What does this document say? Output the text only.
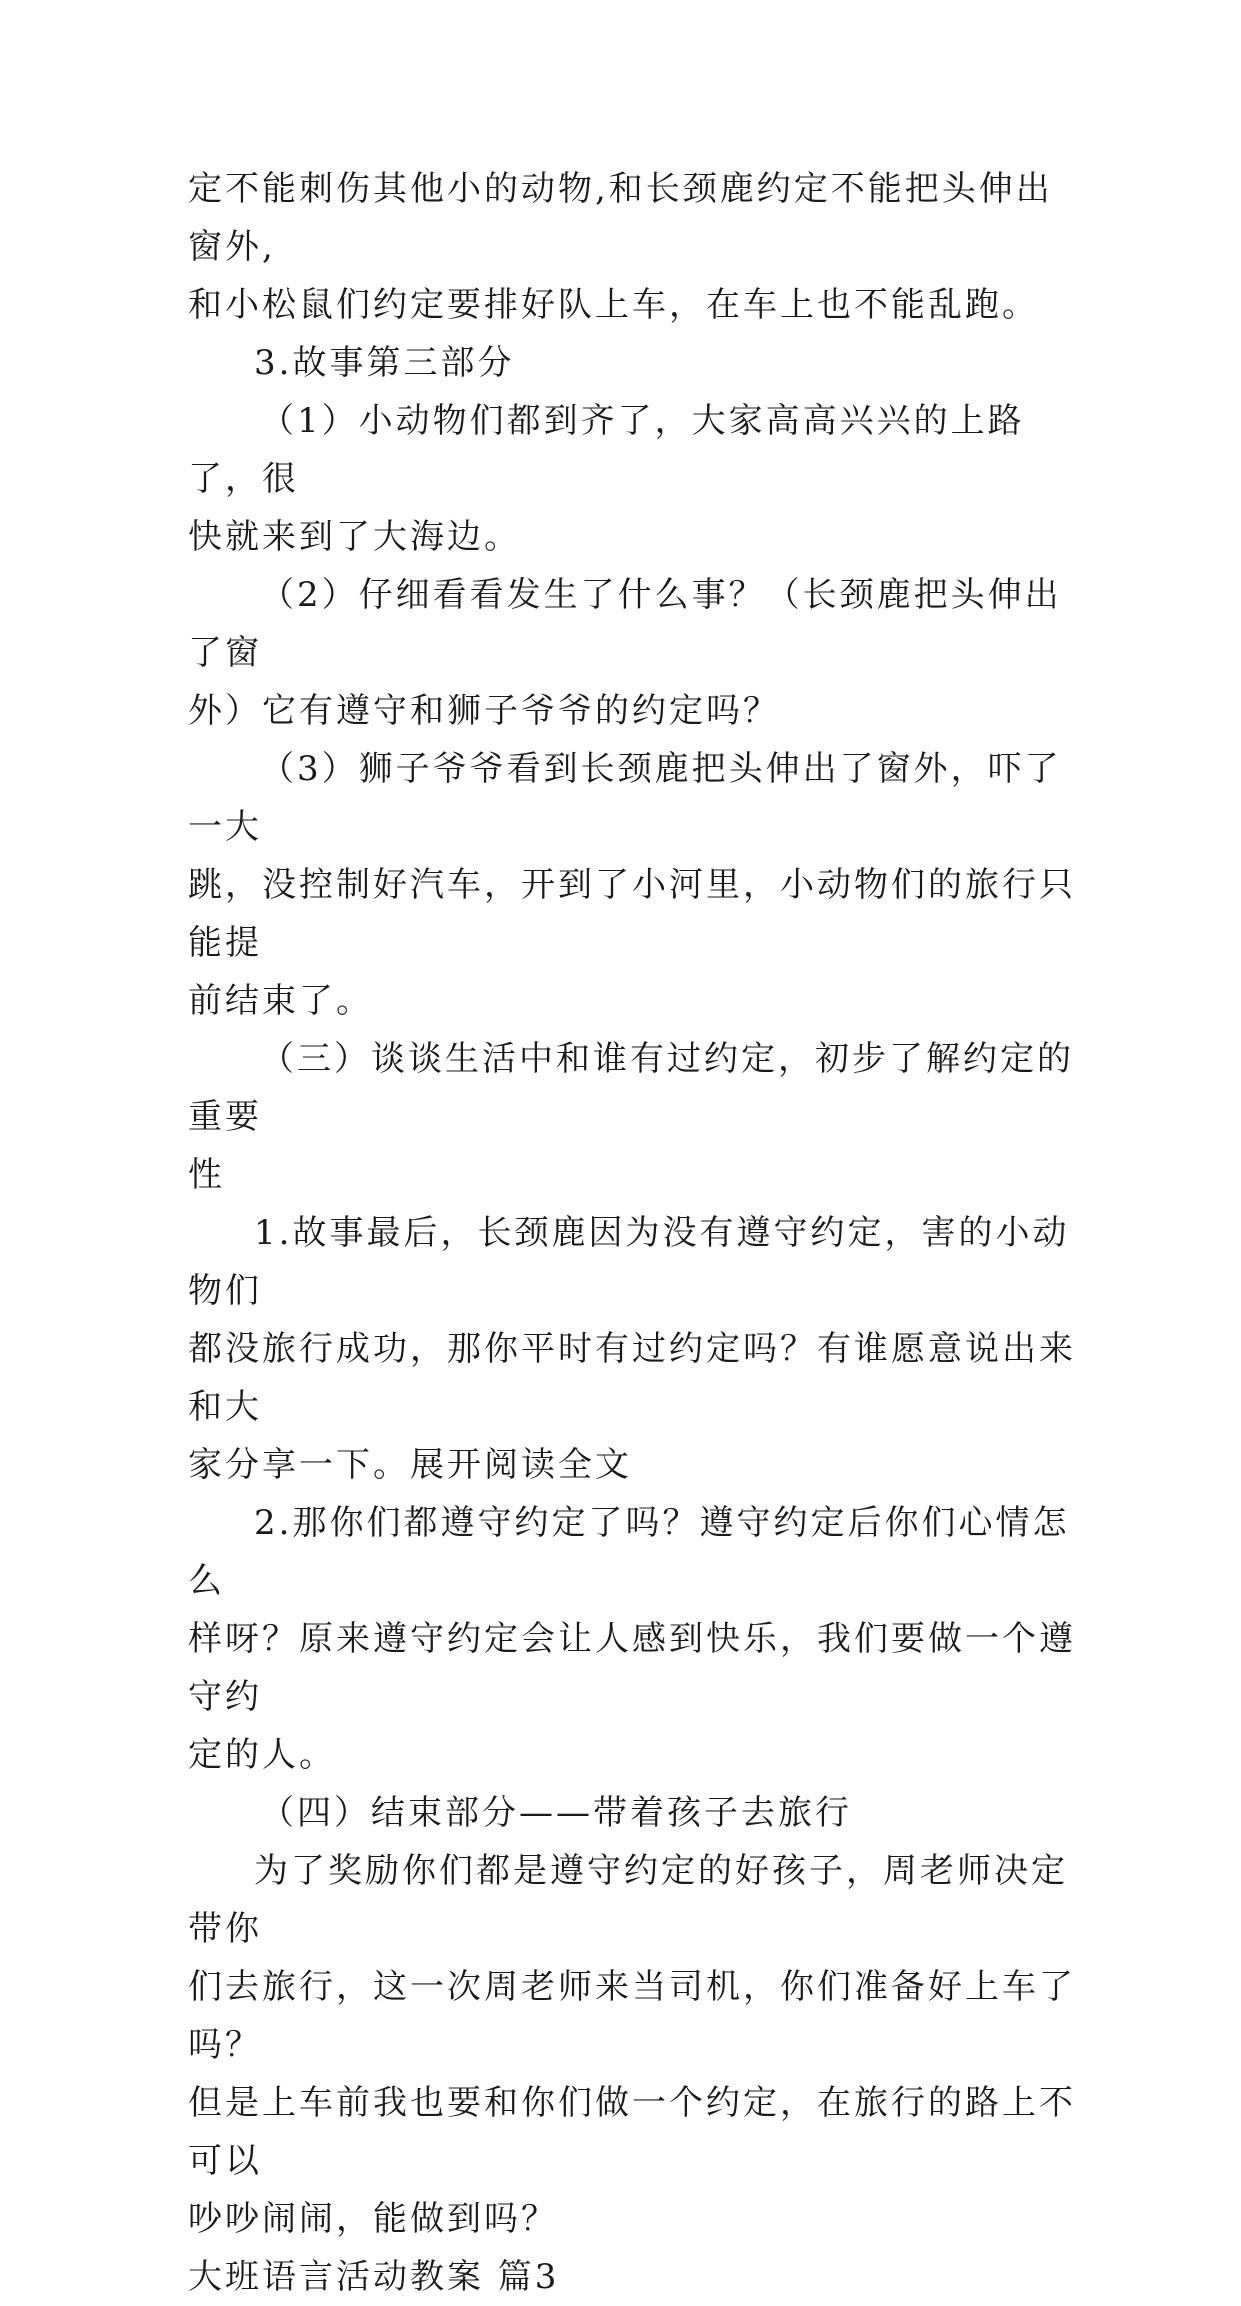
定不能刺伤其他小的动物,和长颈鹿约定不能把头伸出窗外,
和小松鼠们约定要排好队上车，在车上也不能乱跑。

3.故事第三部分

（1）小动物们都到齐了，大家高高兴兴的上路了，很
快就来到了大海边。

（2）仔细看看发生了什么事？（长颈鹿把头伸出了窗
外）它有遵守和狮子爷爷的约定吗？

（3）狮子爷爷看到长颈鹿把头伸出了窗外，吓了一大
跳，没控制好汽车，开到了小河里，小动物们的旅行只能提
前结束了。

（三）谈谈生活中和谁有过约定，初步了解约定的重要
性

1.故事最后，长颈鹿因为没有遵守约定，害的小动物们
都没旅行成功，那你平时有过约定吗？有谁愿意说出来和大
家分享一下。展开阅读全文

2.那你们都遵守约定了吗？遵守约定后你们心情怎么
样呀？原来遵守约定会让人感到快乐，我们要做一个遵守约
定的人。

（四）结束部分——带着孩子去旅行

为了奖励你们都是遵守约定的好孩子，周老师决定带你
们去旅行，这一次周老师来当司机，你们准备好上车了吗？
但是上车前我也要和你们做一个约定，在旅行的路上不可以
吵吵闹闹，能做到吗？

大班语言活动教案 篇3
